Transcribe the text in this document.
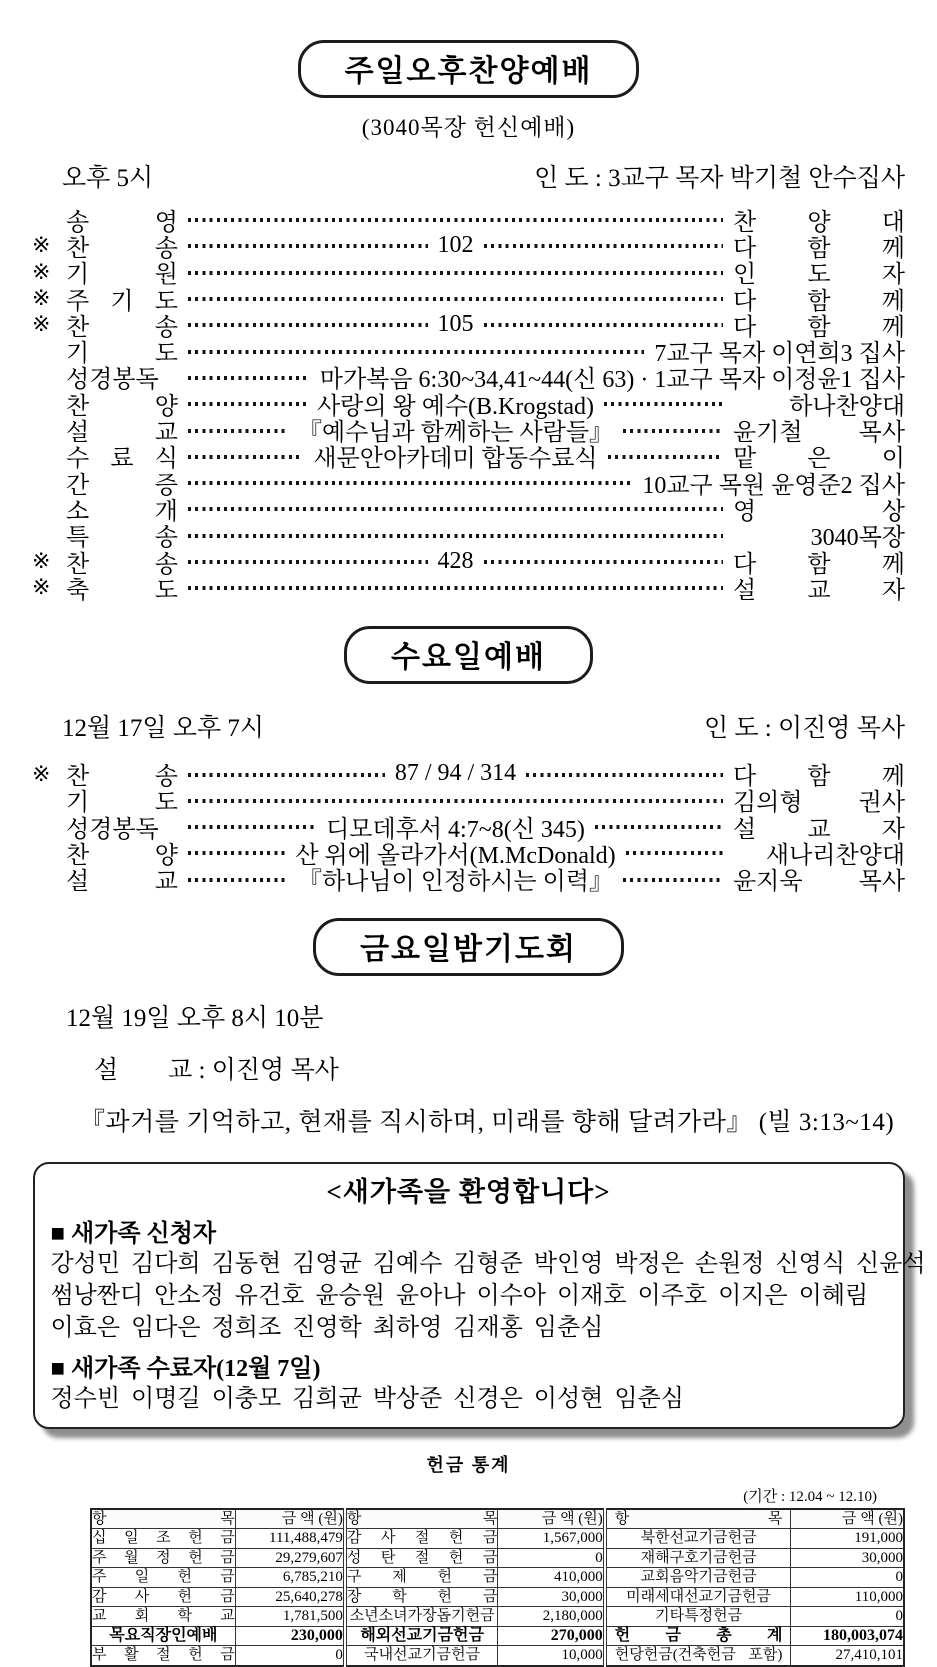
주일오후찬양예배
(3040목장 헌신예배)
오후 5시	인 도 : 3교구 목자 박기철 안수집사
송 영	찬 양 대
※ 찬 송	102	다 함 께
※ 기 원	인 도 자
※ 주 기 도	다 함 께
※ 찬 송	105	다 함 께
기 도	7교구 목자 이연희3 집사
성경봉독	마가복음 6:30~34,41~44(신 63) · 1교구 목자 이정윤1 집사
찬 양	사랑의 왕 예수(B.Krogstad)	하나찬양대
설 교	『예수님과 함께하는 사람들』	윤기철 목사
수 료 식	새문안아카데미 합동수료식	맡 은 이
간 증	10교구 목원 윤영준2 집사
소 개	영 상
특 송	3040목장
※ 찬 송	428	다 함 께
※ 축 도	설 교 자
수요일예배
12월 17일 오후 7시	인 도 : 이진영 목사
※ 찬 송	87 / 94 / 314	다 함 께
기 도	김의형 권사
성경봉독	디모데후서 4:7~8(신 345)	설 교 자
찬 양	산 위에 올라가서(M.McDonald)	새나리찬양대
설 교	『하나님이 인정하시는 이력』	윤지욱 목사
금요일밤기도회
12월 19일 오후 8시 10분
설        교 : 이진영 목사
『과거를 기억하고, 현재를 직시하며, 미래를 향해 달려가라』 (빌 3:13~14)
<새가족을 환영합니다>
■ 새가족 신청자
강성민 김다희 김동현 김영균 김예수 김형준 박인영 박정은 손원정 신영식 신윤석
썸낭짠디 안소정 유건호 윤승원 윤아나 이수아 이재호 이주호 이지은 이혜림
이효은 임다은 정희조 진영학 최하영 김재홍 임춘심
■ 새가족 수료자(12월 7일)
정수빈 이명길 이충모 김희균 박상준 신경은 이성현 임춘심
헌금 통계
(기간 : 12.04 ~ 12.10)
항 목	금 액 (원)	항 목	금 액 (원)	항 목	금 액 (원)
십 일 조 헌 금	111,488,479	감 사 절 헌 금	1,567,000	북한선교기금헌금	191,000
주 월 정 헌 금	29,279,607	성 탄 절 헌 금	0	재해구호기금헌금	30,000
주 일 헌 금	6,785,210	구 제 헌 금	410,000	교회음악기금헌금	0
감 사 헌 금	25,640,278	장 학 헌 금	30,000	미래세대선교기금헌금	110,000
교 회 학 교	1,781,500	소년소녀가장돕기헌금	2,180,000	기타특정헌금	0
목요직장인예배	230,000	해외선교기금헌금	270,000	헌 금 총 계	180,003,074
부 활 절 헌 금	0	국내선교기금헌금	10,000	헌당헌금(건축헌금 포함)	27,410,101
